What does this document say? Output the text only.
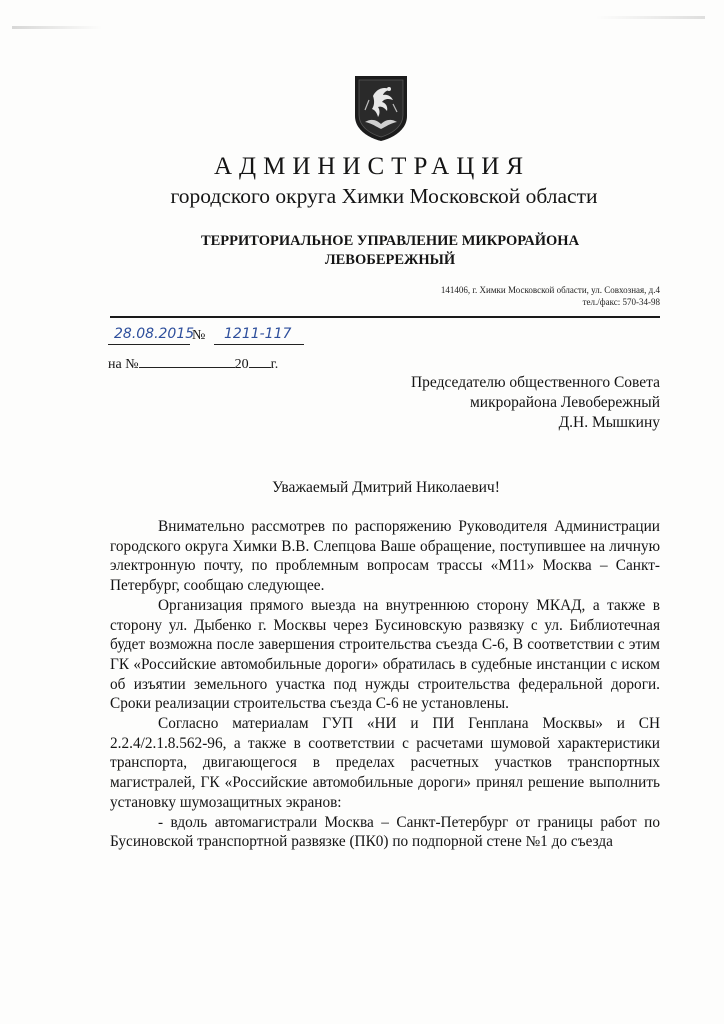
АДМИНИСТРАЦИЯ
городского округа Химки Московской области
ТЕРРИТОРИАЛЬНОЕ УПРАВЛЕНИЕ МИКРОРАЙОНА
ЛЕВОБЕРЕЖНЫЙ
141406, г. Химки Московской области, ул. Совхозная, д.4
тел./факс: 570-34-98
28.08.2015
№ 1211-117
на №	20 г.
Председателю общественного Совета
микрорайона Левобережный
Д.Н. Мышкину
Уважаемый Дмитрий Николаевич!

Внимательно рассмотрев по распоряжению Руководителя Администрации городского округа Химки В.В. Слепцова Ваше обращение, поступившее на личную электронную почту, по проблемным вопросам трассы «М11» Москва – Санкт-Петербург, сообщаю следующее.

Организация прямого выезда на внутреннюю сторону МКАД, а также в сторону ул. Дыбенко г. Москвы через Бусиновскую развязку с ул. Библиотечная будет возможна после завершения строительства съезда С-6, В соответствии с этим ГК «Российские автомобильные дороги» обратилась в судебные инстанции с иском об изъятии земельного участка под нужды строительства федеральной дороги. Сроки реализации строительства съезда С-6 не установлены.

Согласно материалам ГУП «НИ и ПИ Генплана Москвы» и СН 2.2.4/2.1.8.562-96, а также в соответствии с расчетами шумовой характеристики транспорта, двигающегося в пределах расчетных участков транспортных магистралей, ГК «Российские автомобильные дороги» принял решение выполнить установку шумозащитных экранов:

- вдоль автомагистрали Москва – Санкт-Петербург от границы работ по Бусиновской транспортной развязке (ПК0) по подпорной стене №1 до съезда
